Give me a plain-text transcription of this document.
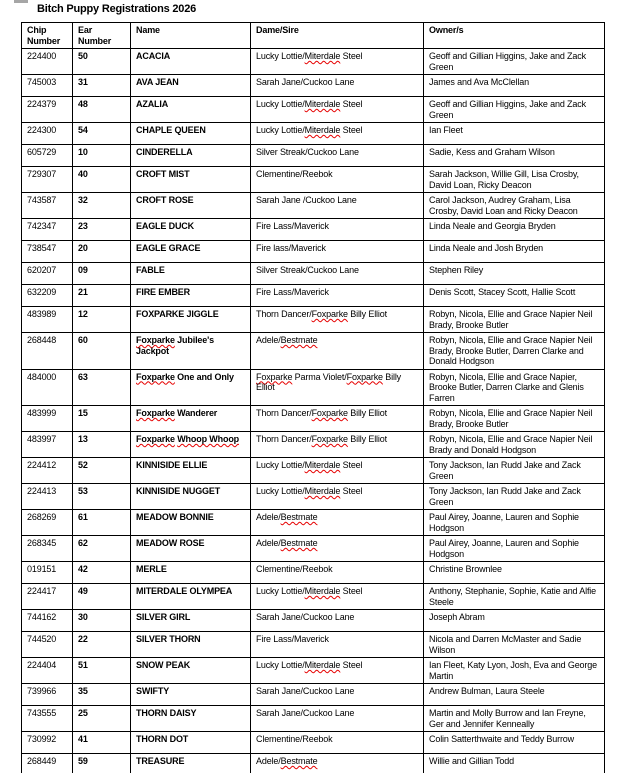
Bitch Puppy Registrations 2026
Chip Number	Ear Number	Name	Dame/Sire	Owner/s
224400	50	ACACIA	Lucky Lottie/Miterdale Steel	Geoff and Gillian Higgins, Jake and Zack Green
745003	31	AVA JEAN	Sarah Jane/Cuckoo Lane	James and Ava McClellan
224379	48	AZALIA	Lucky Lottie/Miterdale Steel	Geoff and Gillian Higgins, Jake and Zack Green
224300	54	CHAPLE QUEEN	Lucky Lottie/Miterdale Steel	Ian Fleet
605729	10	CINDERELLA	Silver Streak/Cuckoo Lane	Sadie, Kess and Graham Wilson
729307	40	CROFT MIST	Clementine/Reebok	Sarah Jackson, Willie Gill, Lisa Crosby, David Loan, Ricky Deacon
743587	32	CROFT ROSE	Sarah Jane /Cuckoo Lane	Carol Jackson, Audrey Graham, Lisa Crosby, David Loan and Ricky Deacon
742347	23	EAGLE DUCK	Fire Lass/Maverick	Linda Neale and Georgia Bryden
738547	20	EAGLE GRACE	Fire lass/Maverick	Linda Neale and Josh Bryden
620207	09	FABLE	Silver Streak/Cuckoo Lane	Stephen Riley
632209	21	FIRE EMBER	Fire Lass/Maverick	Denis Scott, Stacey Scott, Hallie Scott
483989	12	FOXPARKE JIGGLE	Thorn Dancer/Foxparke Billy Elliot	Robyn, Nicola, Ellie and Grace Napier Neil Brady, Brooke Butler
268448	60	Foxparke Jubilee's Jackpot	Adele/Bestmate	Robyn, Nicola, Ellie and Grace Napier Neil Brady, Brooke Butler, Darren Clarke and Donald Hodgson
484000	63	Foxparke One and Only	Foxparke Parma Violet/Foxparke Billy Elliot	Robyn, Nicola, Ellie and Grace Napier, Brooke Butler, Darren Clarke and Glenis Farren
483999	15	Foxparke Wanderer	Thorn Dancer/Foxparke Billy Elliot	Robyn, Nicola, Ellie and Grace Napier Neil Brady, Brooke Butler
483997	13	Foxparke Whoop Whoop	Thorn Dancer/Foxparke Billy Elliot	Robyn, Nicola, Ellie and Grace Napier Neil Brady and Donald Hodgson
224412	52	KINNISIDE ELLIE	Lucky Lottie/Miterdale Steel	Tony Jackson, Ian Rudd Jake and Zack Green
224413	53	KINNISIDE NUGGET	Lucky Lottie/Miterdale Steel	Tony Jackson, Ian Rudd Jake and Zack Green
268269	61	MEADOW BONNIE	Adele/Bestmate	Paul Airey, Joanne, Lauren and Sophie Hodgson
268345	62	MEADOW ROSE	Adele/Bestmate	Paul Airey, Joanne, Lauren and Sophie Hodgson
019151	42	MERLE	Clementine/Reebok	Christine Brownlee
224417	49	MITERDALE OLYMPEA	Lucky Lottie/Miterdale Steel	Anthony, Stephanie, Sophie, Katie and Alfie Steele
744162	30	SILVER GIRL	Sarah Jane/Cuckoo Lane	Joseph Abram
744520	22	SILVER THORN	Fire Lass/Maverick	Nicola and Darren McMaster and Sadie Wilson
224404	51	SNOW PEAK	Lucky Lottie/Miterdale Steel	Ian Fleet, Katy Lyon, Josh, Eva and George Martin
739966	35	SWIFTY	Sarah Jane/Cuckoo Lane	Andrew Bulman, Laura Steele
743555	25	THORN DAISY	Sarah Jane/Cuckoo Lane	Martin and Molly Burrow and Ian Freyne, Ger and Jennifer Kenneally
730992	41	THORN DOT	Clementine/Reebok	Colin Satterthwaite and Teddy Burrow
268449	59	TREASURE	Adele/Bestmate	Willie and Gillian Todd
